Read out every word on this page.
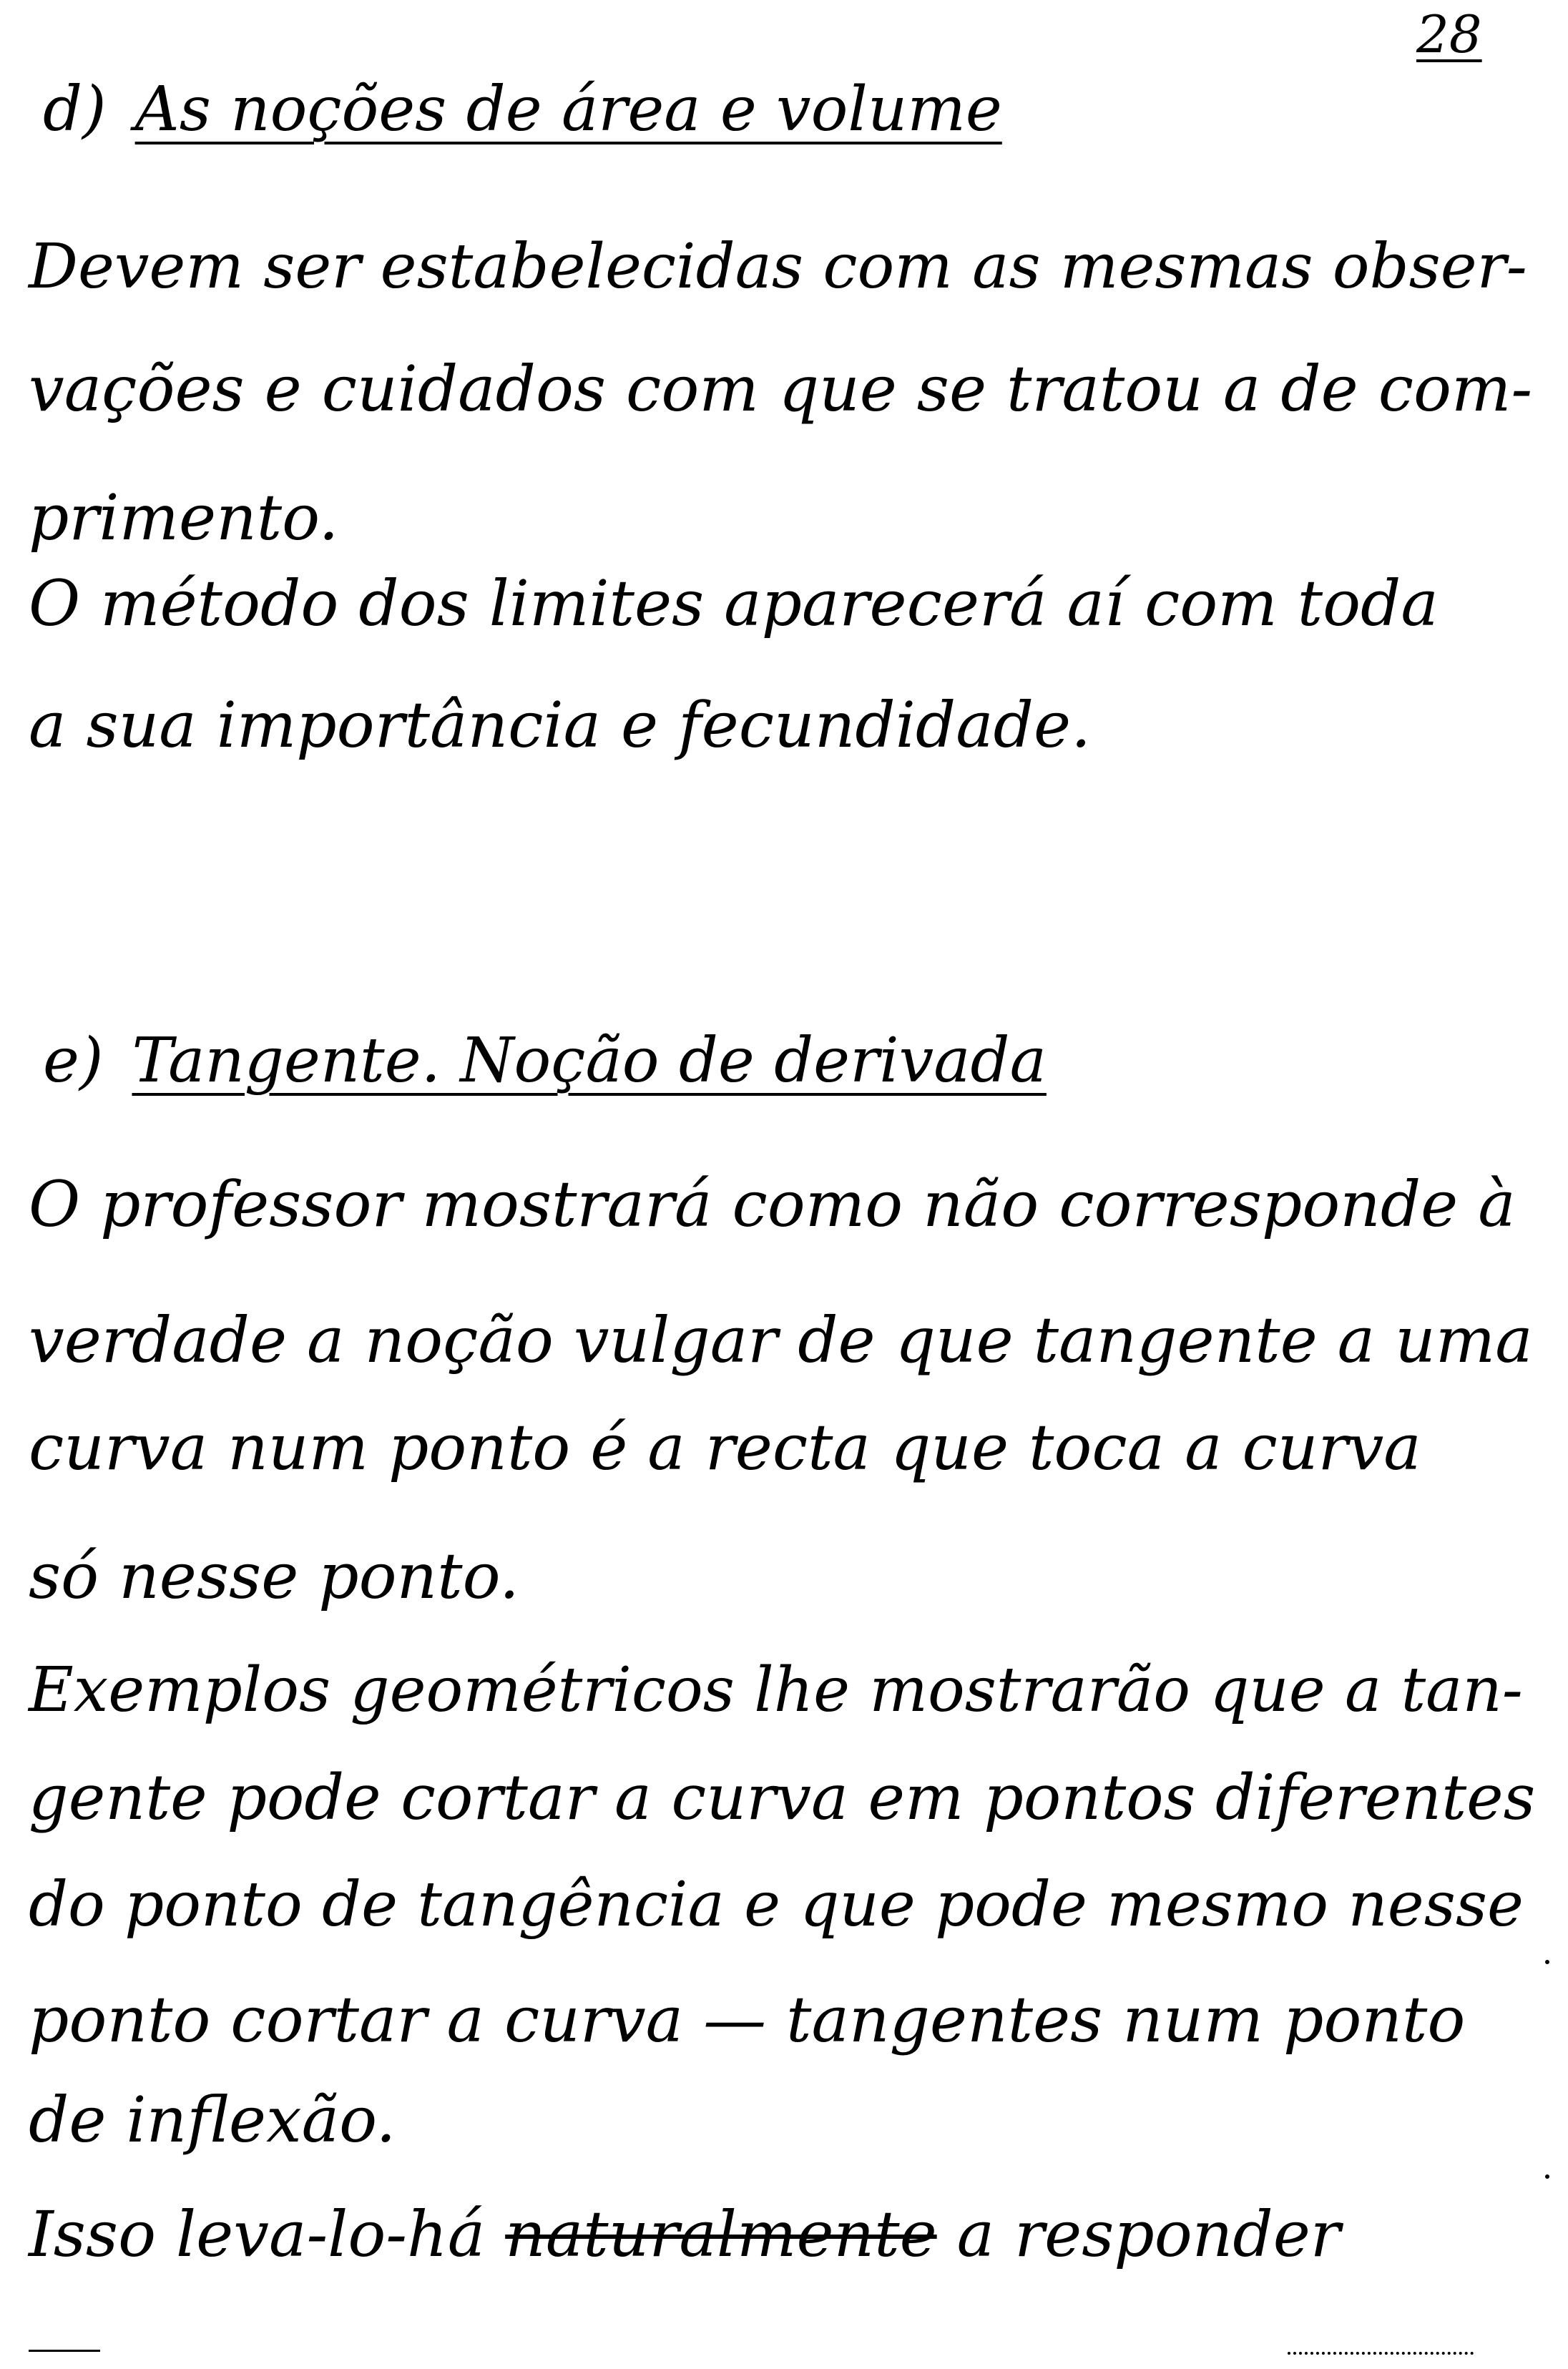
28
d) As noções de área e volume
Devem ser estabelecidas com as mesmas obser-
vações e cuidados com que se tratou a de com-
primento.
O método dos limites aparecerá aí com toda
a sua importância e fecundidade.
e) Tangente. Noção de derivada
O professor mostrará como não corresponde à
verdade a noção vulgar de que tangente a uma
curva num ponto é a recta que toca a curva
só nesse ponto.
Exemplos geométricos lhe mostrarão que a tan-
gente pode cortar a curva em pontos diferentes
do ponto de tangência e que pode mesmo nesse
ponto cortar a curva — tangentes num ponto
de inflexão.
Isso leva-lo-há naturalmente a responder
